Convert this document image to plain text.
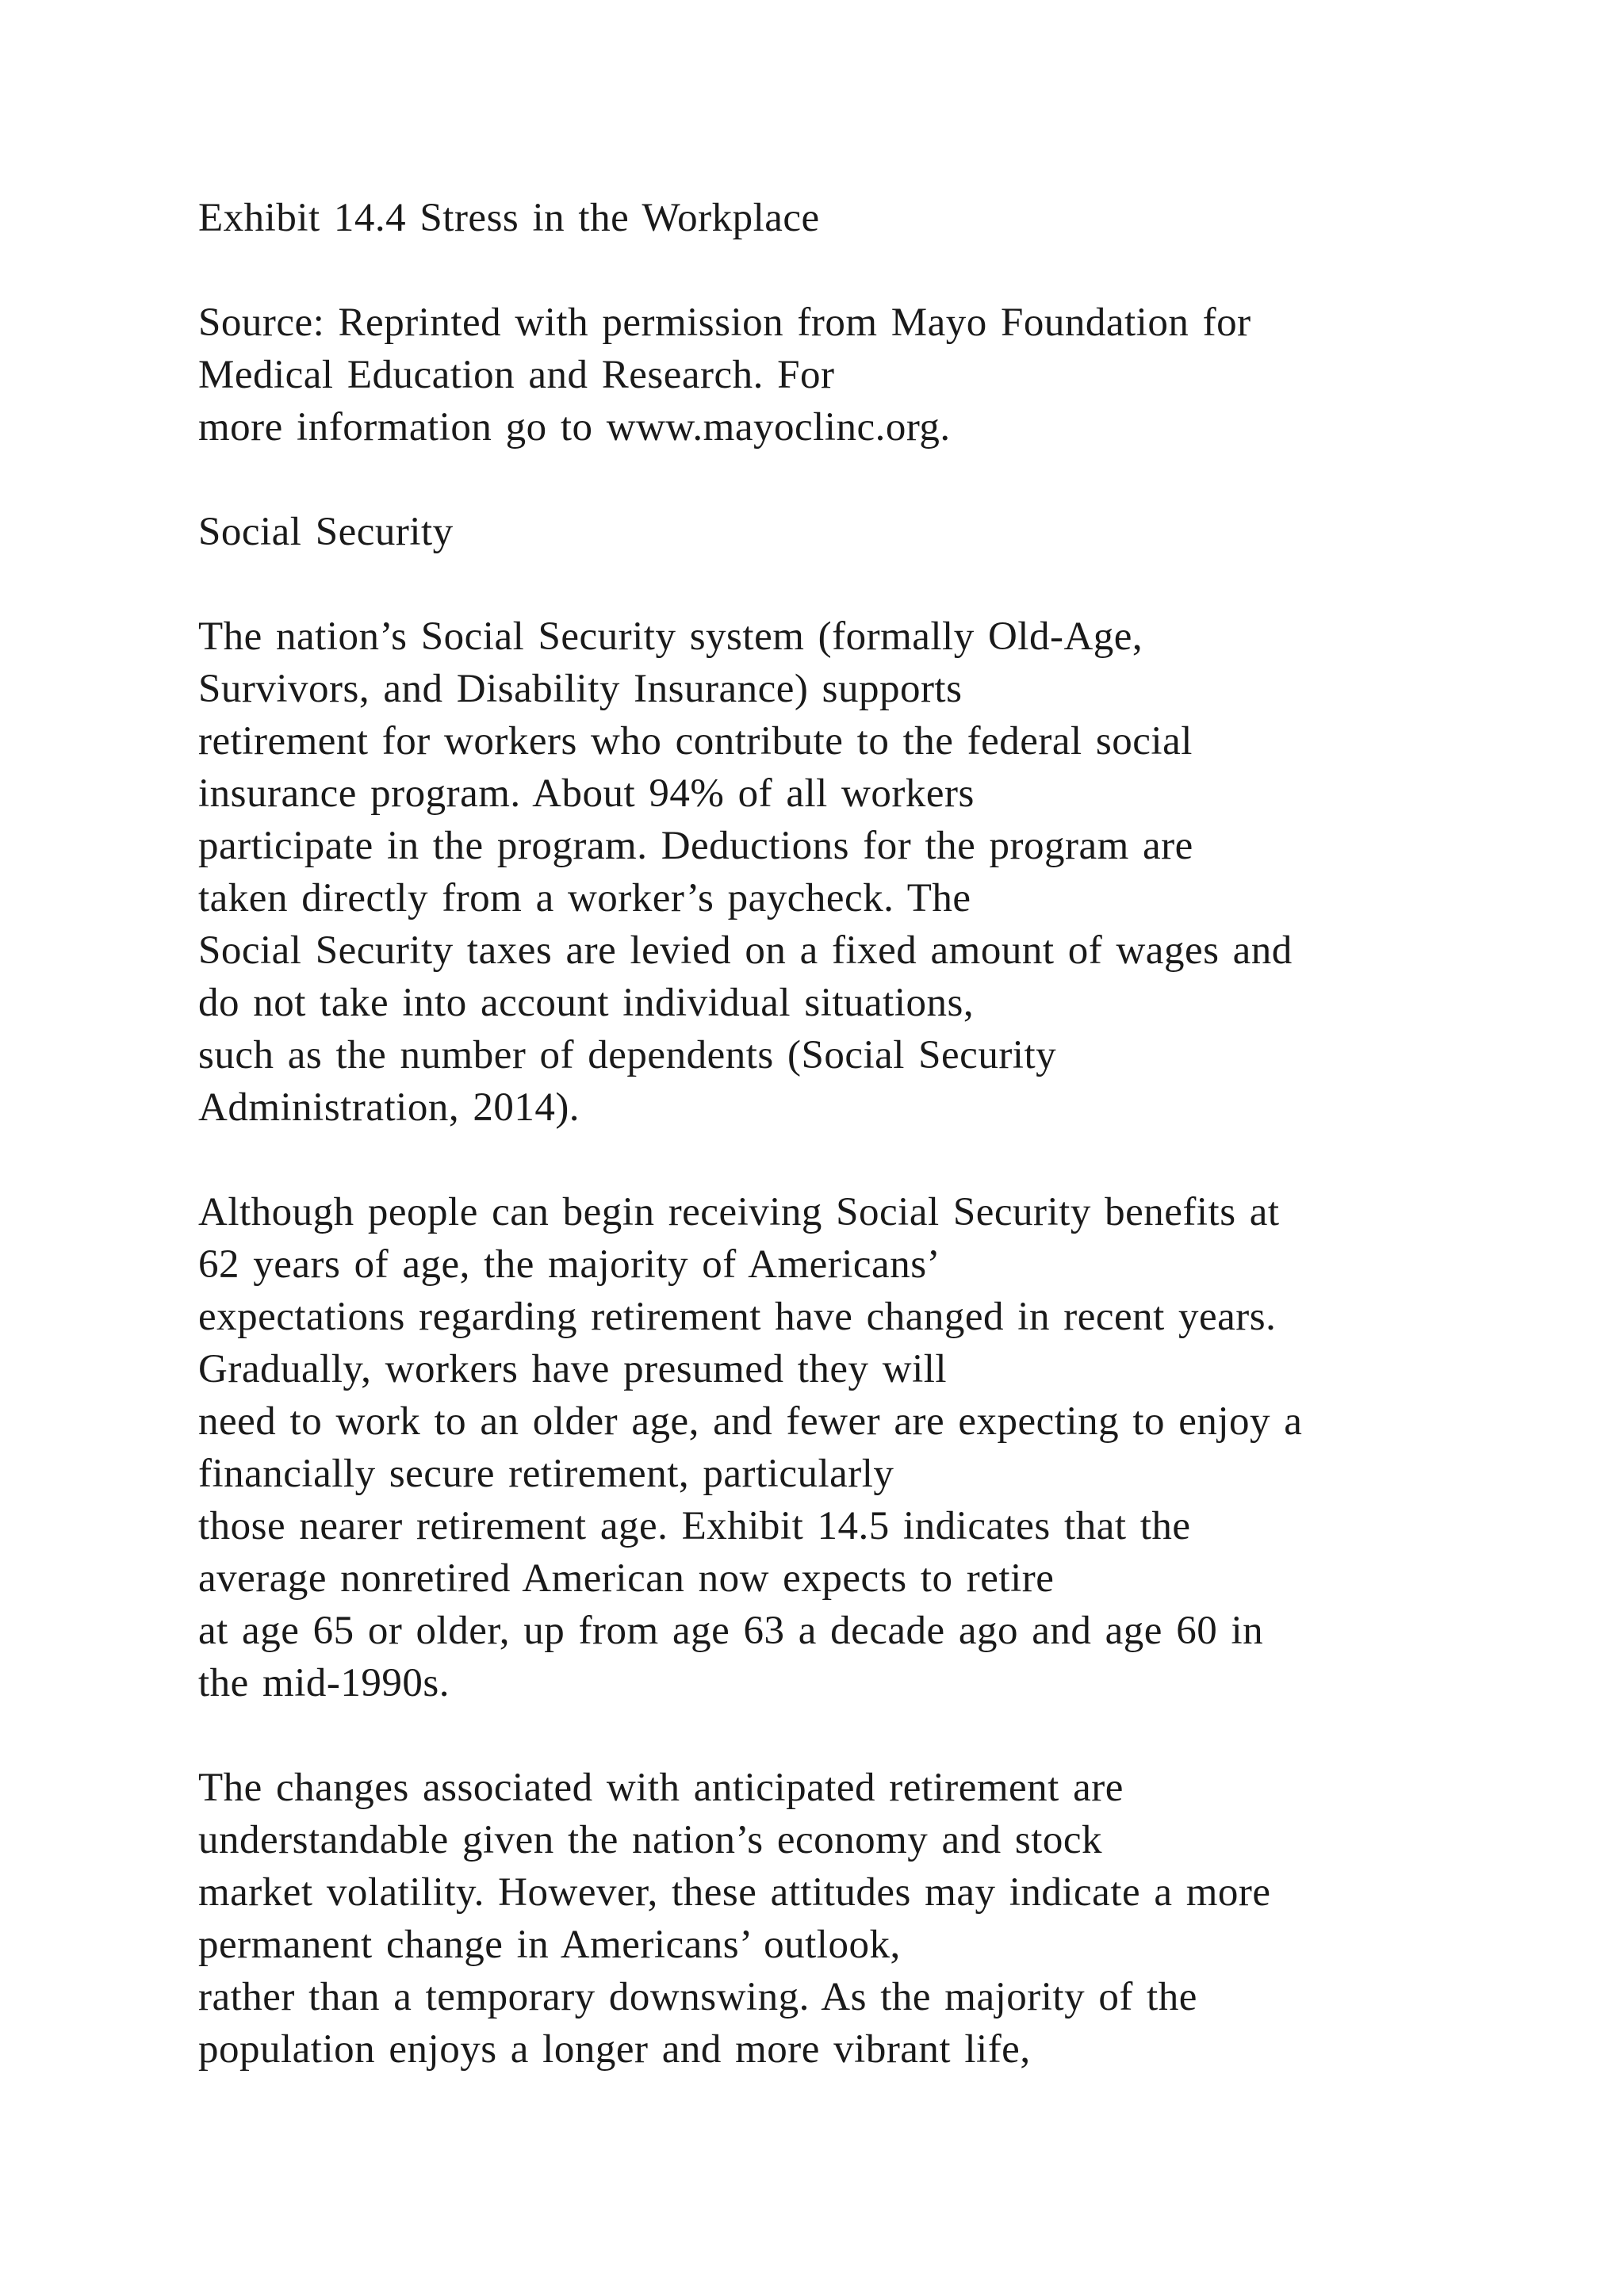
Exhibit 14.4 Stress in the Workplace
Source: Reprinted with permission from Mayo Foundation for
Medical Education and Research. For
more information go to www.mayoclinc.org.
Social Security
The nation’s Social Security system (formally Old-Age,
Survivors, and Disability Insurance) supports
retirement for workers who contribute to the federal social
insurance program. About 94% of all workers
participate in the program. Deductions for the program are
taken directly from a worker’s paycheck. The
Social Security taxes are levied on a fixed amount of wages and
do not take into account individual situations,
such as the number of dependents (Social Security
Administration, 2014).
Although people can begin receiving Social Security benefits at
62 years of age, the majority of Americans’
expectations regarding retirement have changed in recent years.
Gradually, workers have presumed they will
need to work to an older age, and fewer are expecting to enjoy a
financially secure retirement, particularly
those nearer retirement age. Exhibit 14.5 indicates that the
average nonretired American now expects to retire
at age 65 or older, up from age 63 a decade ago and age 60 in
the mid-1990s.
The changes associated with anticipated retirement are
understandable given the nation’s economy and stock
market volatility. However, these attitudes may indicate a more
permanent change in Americans’ outlook,
rather than a temporary downswing. As the majority of the
population enjoys a longer and more vibrant life,
